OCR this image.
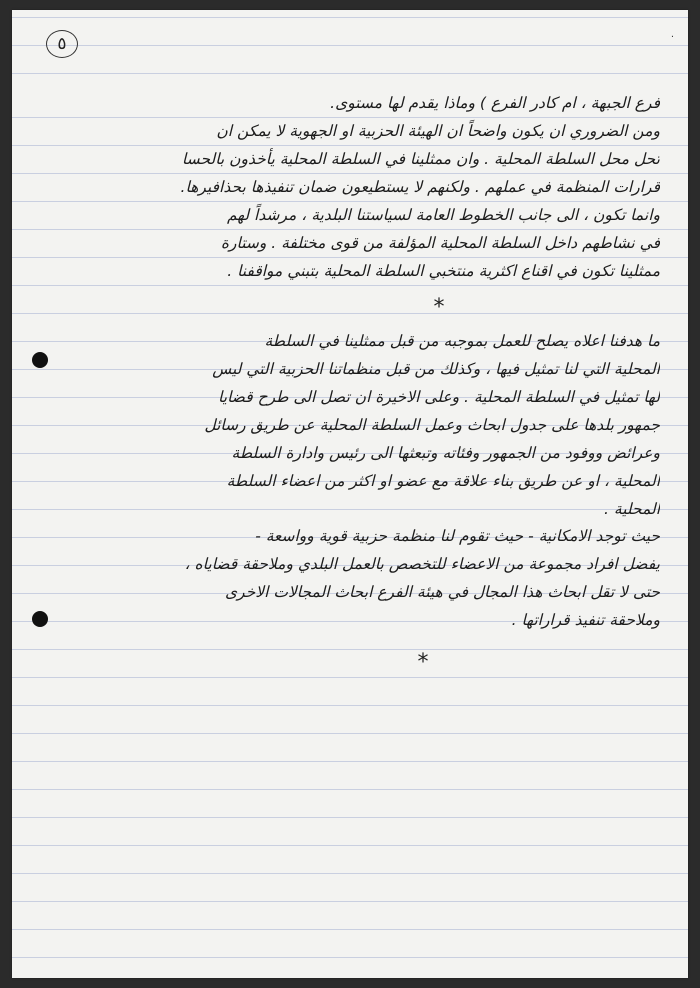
٥	·

فرع الجبهة ، ام كادر الفرع ) وماذا يقدم لها مستوى.
ومن الضروري ان يكون واضحاً ان الهيئة الحزبية او الجهوية لا يمكن ان
تحل محل السلطة المحلية . وان ممثلينا في السلطة المحلية يأخذون بالحسا
قرارات المنظمة في عملهم . ولكنهم لا يستطيعون ضمان تنفيذها بحذافيرها.
وانما تكون ، الى جانب الخطوط العامة لسياستنا البلدية ، مرشداً لهم
في نشاطهم داخل السلطة المحلية المؤلفة من قوى مختلفة . وستارة
ممثلينا تكون في اقناع اكثرية منتخبي السلطة المحلية بتبني مواقفنا .

*

ما هدفنا اعلاه يصلح للعمل بموجبه من قبل ممثلينا في السلطة
المحلية التي لنا تمثيل فيها ، وكذلك من قبل منظماتنا الحزبية التي ليس
لها تمثيل في السلطة المحلية . وعلى الاخيرة ان تصل الى طرح قضايا
جمهور بلدها على جدول ابحاث وعمل السلطة المحلية عن طريق رسائل
وعرائض ووفود من الجمهور وفئاته وتبعثها الى رئيس وادارة السلطة
المحلية ، او عن طريق بناء علاقة مع عضو او اكثر من اعضاء السلطة
المحلية .

حيث توجد الامكانية - حيث تقوم لنا منظمة حزبية قوية وواسعة -
يفضل افراد مجموعة من الاعضاء للتخصص بالعمل البلدي وملاحقة قضاياه ،
حتى لا تقل ابحاث هذا المجال في هيئة الفرع ابحاث المجالات الاخرى
وملاحقة تنفيذ قراراتها .

*
